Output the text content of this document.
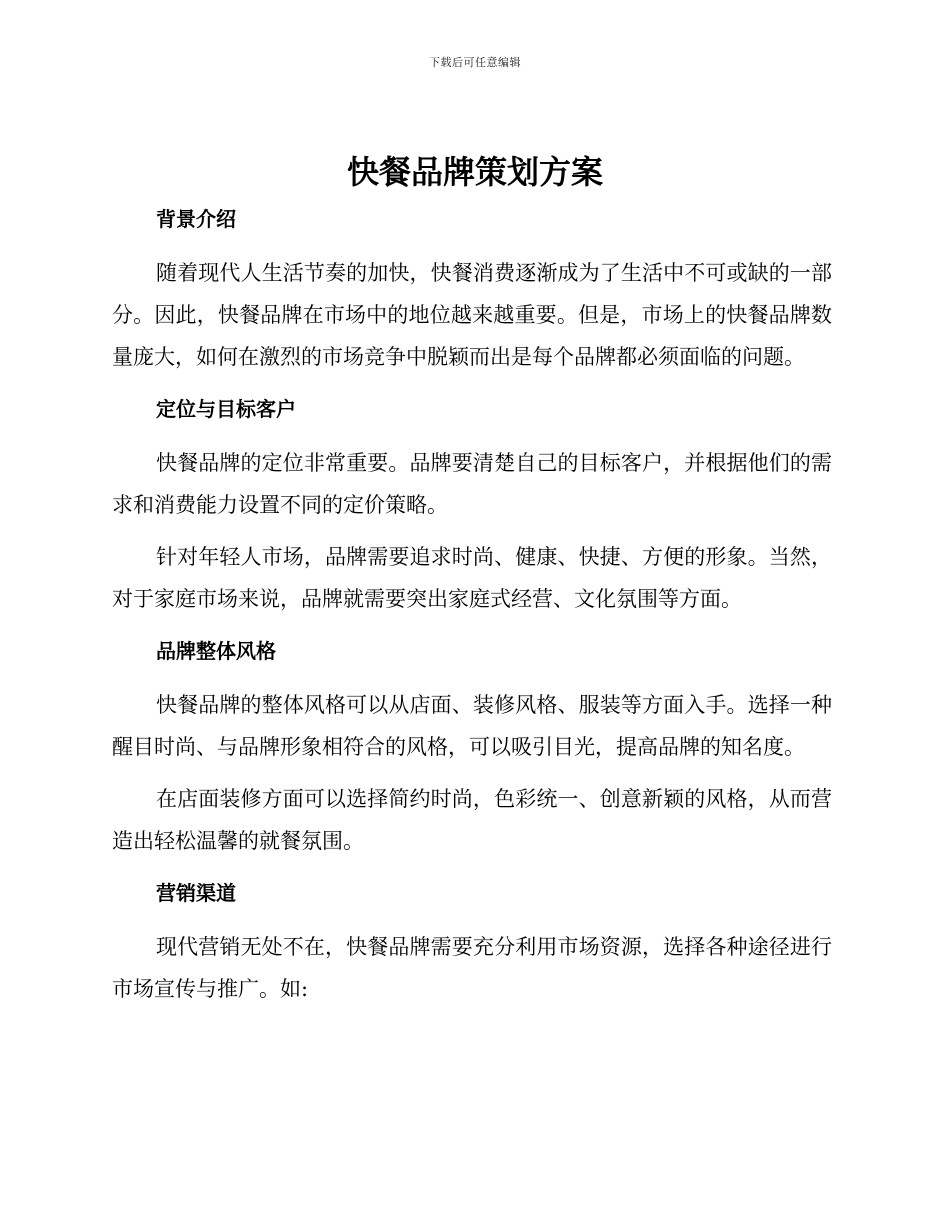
下载后可任意编辑
快餐品牌策划方案
背景介绍

随着现代人生活节奏的加快，快餐消费逐渐成为了生活中不可或缺的一部分。因此，快餐品牌在市场中的地位越来越重要。但是，市场上的快餐品牌数量庞大，如何在激烈的市场竞争中脱颖而出是每个品牌都必须面临的问题。

定位与目标客户

快餐品牌的定位非常重要。品牌要清楚自己的目标客户，并根据他们的需求和消费能力设置不同的定价策略。

针对年轻人市场，品牌需要追求时尚、健康、快捷、方便的形象。当然，对于家庭市场来说，品牌就需要突出家庭式经营、文化氛围等方面。

品牌整体风格

快餐品牌的整体风格可以从店面、装修风格、服装等方面入手。选择一种醒目时尚、与品牌形象相符合的风格，可以吸引目光，提高品牌的知名度。

在店面装修方面可以选择简约时尚，色彩统一、创意新颖的风格，从而营造出轻松温馨的就餐氛围。

营销渠道

现代营销无处不在，快餐品牌需要充分利用市场资源，选择各种途径进行市场宣传与推广。如:
